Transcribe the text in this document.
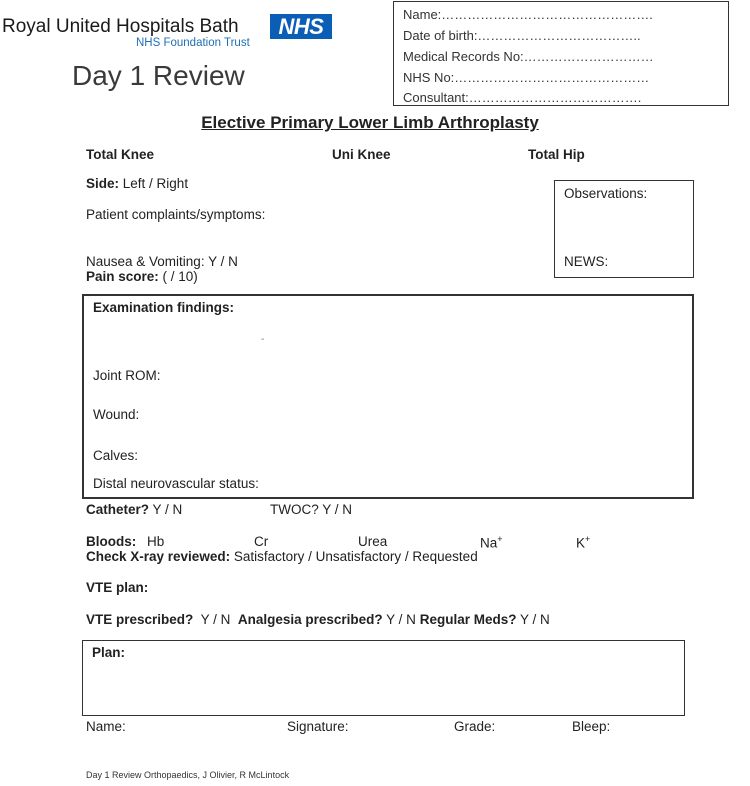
Royal United Hospitals Bath	NHS
NHS Foundation Trust
Day 1 Review
Name:………………………………………….
Date of birth:………………………………..
Medical Records No:…………………………
NHS No:………………………………………
Consultant:………………………………….
Elective Primary Lower Limb Arthroplasty
Total Knee	Uni Knee	Total Hip
Side: Left / Right
Patient complaints/symptoms:
Nausea & Vomiting: Y / N
Pain score: ( / 10)
Observations:
NEWS:
Examination findings:
-
Joint ROM:
Wound:
Calves:
Distal neurovascular status:
Catheter? Y / N	TWOC? Y / N
Bloods: Hb	Cr	Urea	Na+	K+
Check X-ray reviewed: Satisfactory / Unsatisfactory / Requested
VTE plan:
VTE prescribed? Y / N Analgesia prescribed? Y / N Regular Meds? Y / N
Plan:
Name:	Signature:	Grade:	Bleep:
Day 1 Review Orthopaedics, J Olivier, R McLintock
